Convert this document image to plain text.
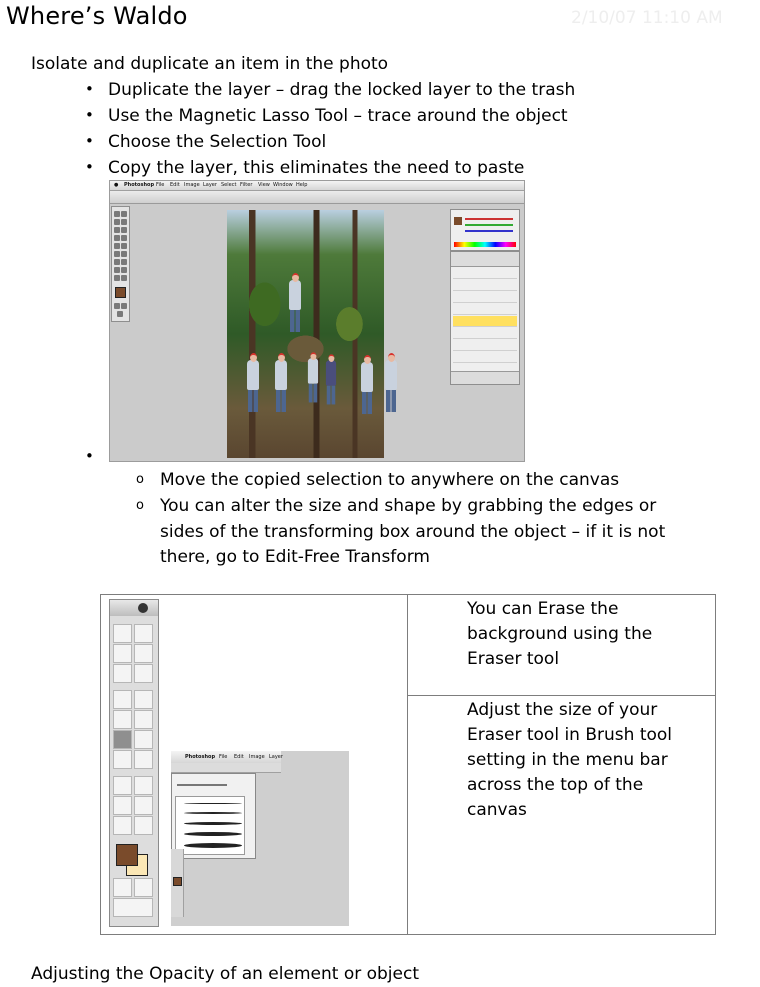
Where’s Waldo	2/10/07 11:10 AM
Isolate and duplicate an item in the photo
• Duplicate the layer – drag the locked layer to the trash
• Use the Magnetic Lasso Tool – trace around the object
• Choose the Selection Tool
• Copy the layer, this eliminates the need to paste
● Photoshop File Edit Image Layer Select Filter View Window Help
•
o Move the copied selection to anywhere on the canvas
o You can alter the size and shape by grabbing the edges or
sides of the transforming box around the object – if it is not
there, go to Edit-Free Transform
Photoshop File Edit Image Layer
You can Erase the background using the Eraser tool
Adjust the size of your Eraser tool in Brush tool setting in the menu bar across the top of the canvas
Adjusting the Opacity of an element or object
